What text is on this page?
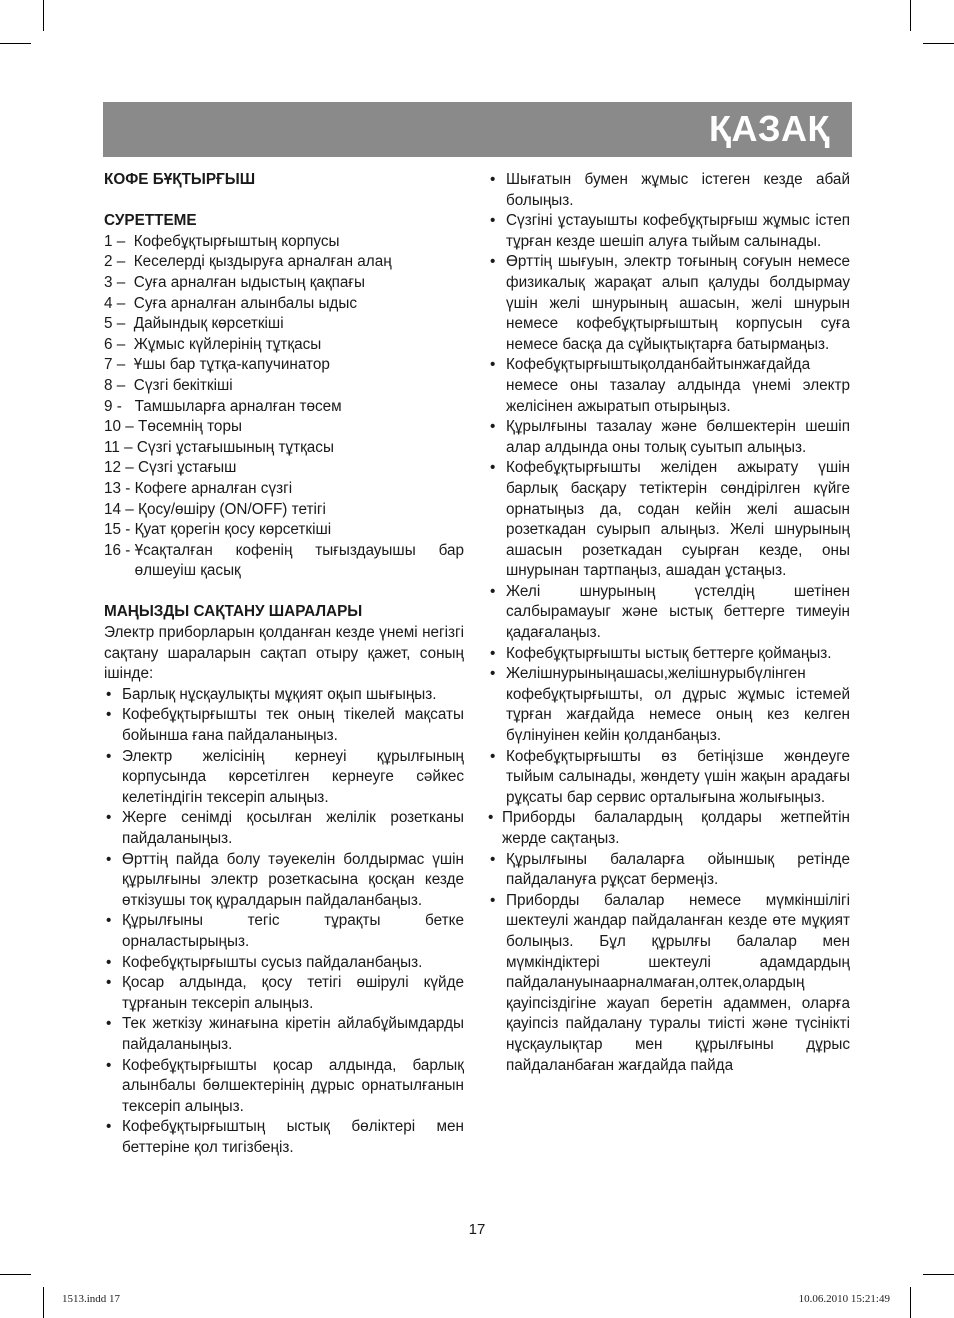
ҚАЗАҚ

КОФЕ БҰҚТЫРҒЫШ

СУРЕТТЕМЕ

1 – Кофебұқтырғыштың корпусы
2 – Кеселерді қыздыруға арналған алаң
3 – Суға арналған ыдыстың қақпағы
4 – Суға арналған алынбалы ыдыс
5 – Дайындық көрсеткіші
6 – Жұмыс күйлерінің тұтқасы
7 – Ұшы бар тұтқа-капучинатор
8 – Сүзгі бекіткіші
9 - Тамшыларға арналған төсем
10 – Төсемнің торы
11 – Сүзгі ұстағышының тұтқасы
12 – Сүзгі ұстағыш
13 - Кофеге арналған сүзгі
14 – Қосу/өшіру (ON/OFF) тетігі
15 - Қуат қорегін қосу көрсеткіші
16 - Ұсақталған кофенің тығыздауышы бар өлшеуіш қасық

МАҢЫЗДЫ САҚТАНУ ШАРАЛАРЫ

Электр приборларын қолданған кезде үнемі негізгі сақтану шараларын сақтап отыру қажет, соның ішінде:

• Барлық нұсқаулықты мұқият оқып шығыңыз.
• Кофебұқтырғышты тек оның тікелей мақсаты бойынша ғана пайдаланыңыз.
• Электр желісінің кернеуі құрылғының корпусында көрсетілген кернеуге сәйкес келетіндігін тексеріп алыңыз.
• Жерге сенімді қосылған желілік розетканы пайдаланыңыз.
• Өрттің пайда болу тәуекелін болдырмас үшін құрылғыны электр розеткасына қосқан кезде өткізушы тоқ құралдарын пайдаланбаңыз.
• Құрылғыны тегіс тұрақты бетке орналастырыңыз.
• Кофебұқтырғышты сусыз пайдаланбаңыз.
• Қосар алдында, қосу тетігі өшірулі күйде тұрғанын тексеріп алыңыз.
• Тек жеткізу жинағына кіретін айлабұйымдарды пайдаланыңыз.
• Кофебұқтырғышты қосар алдында, барлық алынбалы бөлшектерінің дұрыс орнатылғанын тексеріп алыңыз.
• Кофебұқтырғыштың ыстық бөліктері мен беттеріне қол тигізбеңіз.
• Шығатын бумен жұмыс істеген кезде абай болыңыз.
• Сүзгіні ұстауышты кофебұқтырғыш жұмыс істеп тұрған кезде шешіп алуға тыйым салынады.
• Өрттің шығуын, электр тоғының соғуын немесе физикалық жарақат алып қалуды болдырмау үшін желі шнурының ашасын, желі шнурын немесе кофебұқтырғыштың корпусын суға немесе басқа да сұйықтықтарға батырмаңыз.
• Кофебұқтырғыштықолданбайтынжағдайда немесе оны тазалау алдында үнемі электр желісінен ажыратып отырыңыз.
• Құрылғыны тазалау және бөлшектерін шешіп алар алдында оны толық суытып алыңыз.
• Кофебұқтырғышты желіден ажырату үшін барлық басқару тетіктерін сөндірілген күйге орнатыңыз да, содан кейін желі ашасын розеткадан суырып алыңыз. Желі шнурының ашасын розеткадан суырған кезде, оны шнурынан тартпаңыз, ашадан ұстаңыз.
• Желі шнурының үстелдің шетінен салбырамауыг және ыстық беттерге тимеуін қадағалаңыз.
• Кофебұқтырғышты ыстық беттерге қоймаңыз.
• Желішнурыныңашасы,желішнурыбүлінген кофебұқтырғышты, ол дұрыс жұмыс істемей тұрған жағдайда немесе оның кез келген бүлінуінен кейін қолданбаңыз.
• Кофебұқтырғышты өз бетіңізше жөндеуге тыйым салынады, жөндету үшін жақын арадағы рұқсаты бар сервис орталығына жолығыңыз.
• Приборды балалардың қолдары жетпейтін жерде сақтаңыз.
• Құрылғыны балаларға ойыншық ретінде пайдалануға рұқсат бермеңіз.
• Приборды балалар немесе мүмкіншілігі шектеулі жандар пайдаланған кезде өте мұқият болыңыз. Бұл құрылғы балалар мен мүмкіндіктері шектеулі адамдардың пайдалануынаарналмаған,олтек,олардың қауіпсіздігіне жауап беретін адаммен, оларға қауіпсіз пайдалану туралы тиісті және түсінікті нұсқаулықтар мен құрылғыны дұрыс пайдаланбаған жағдайда пайда
17
1513.indd 17	10.06.2010 15:21:49
